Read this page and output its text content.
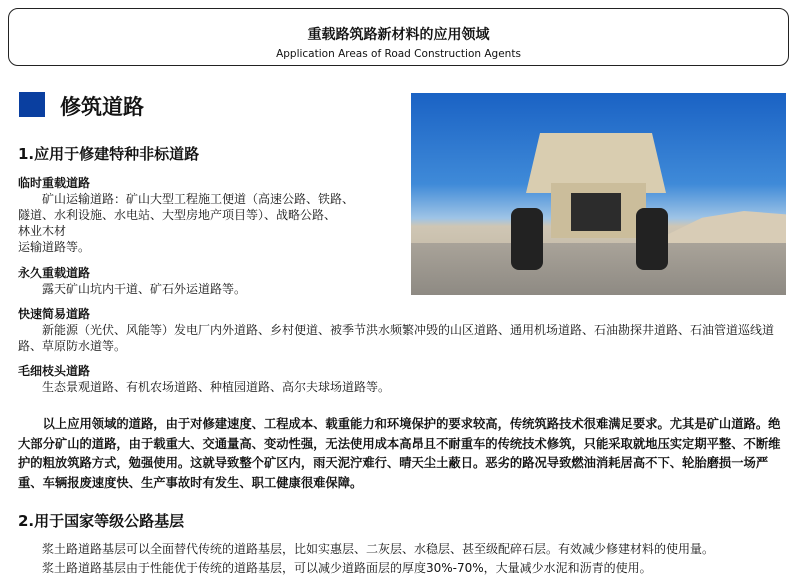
重载路筑路新材料的应用领域
Application Areas of Road Construction Agents
修筑道路
1.应用于修建特种非标道路
临时重载道路
矿山运输道路：矿山大型工程施工便道（高速公路、铁路、
隧道、水利设施、水电站、大型房地产项目等）、战略公路、
林业木材
运输道路等。
永久重载道路
露天矿山坑内干道、矿石外运道路等。
快速简易道路
新能源（光伏、风能等）发电厂内外道路、乡村便道、被季节洪水频繁冲毁的山区道路、通用机场道路、石油勘探井道路、石油管道巡线道路、草原防水道等。
毛细枝头道路
生态景观道路、有机农场道路、种植园道路、高尔夫球场道路等。
以上应用领域的道路，由于对修建速度、工程成本、载重能力和环境保护的要求较高，传统筑路技术很难满足要求。尤其是矿山道路。绝大部分矿山的道路，由于载重大、交通量高、变动性强，无法使用成本高昂且不耐重车的传统技术修筑，只能采取就地压实定期平整、不断维护的粗放筑路方式，勉强使用。这就导致整个矿区内，雨天泥泞难行、晴天尘土蔽日。恶劣的路况导致燃油消耗居高不下、轮胎磨损一场严重、车辆报废速度快、生产事故时有发生、职工健康很难保障。
2.用于国家等级公路基层
浆土路道路基层可以全面替代传统的道路基层，比如实惠层、二灰层、水稳层、甚至级配碎石层。有效减少修建材料的使用量。
浆土路道路基层由于性能优于传统的道路基层，可以减少道路面层的厚度30%-70%，大量减少水泥和沥青的使用。
